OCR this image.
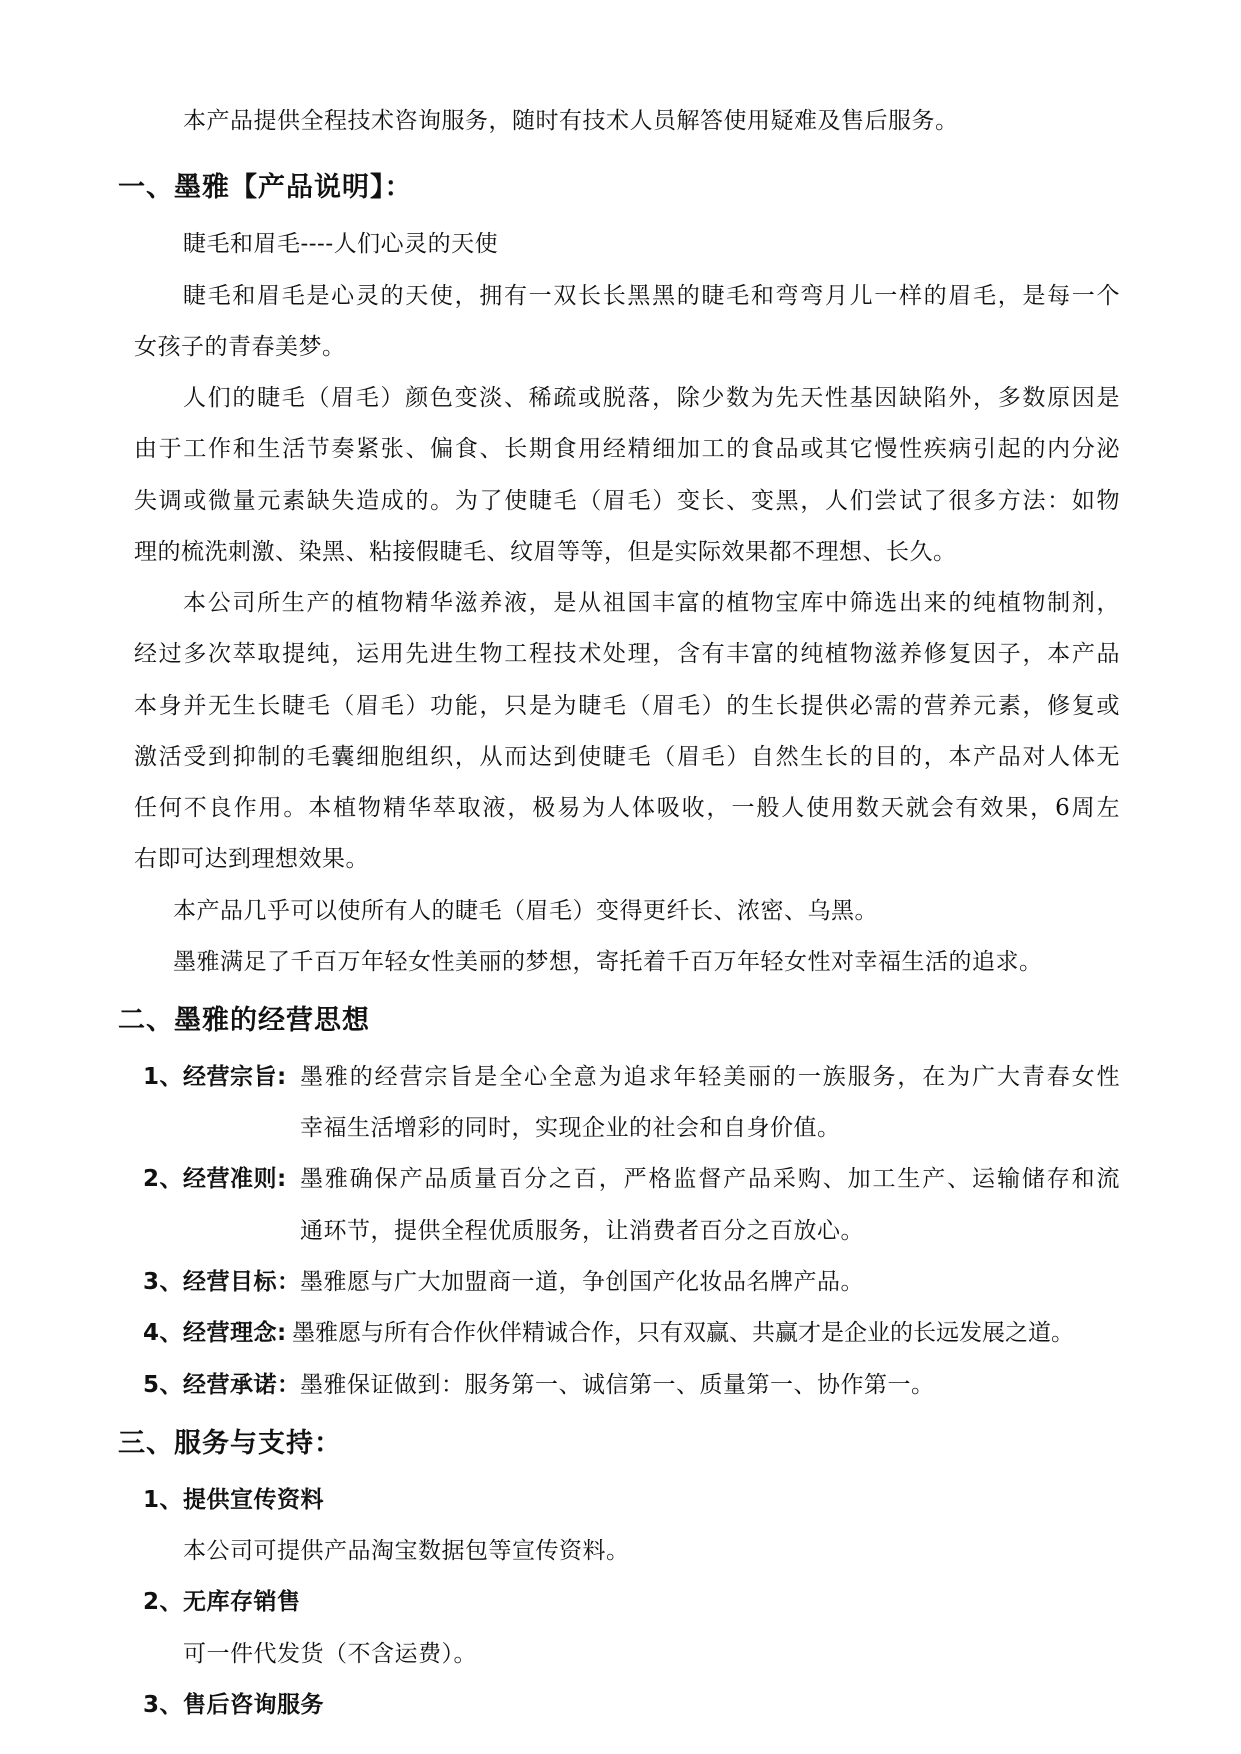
本产品提供全程技术咨询服务，随时有技术人员解答使用疑难及售后服务。
一、墨雅【产品说明】：
睫毛和眉毛----人们心灵的天使
睫毛和眉毛是心灵的天使，拥有一双长长黑黑的睫毛和弯弯月儿一样的眉毛，是每一个
女孩子的青春美梦。
人们的睫毛（眉毛）颜色变淡、稀疏或脱落，除少数为先天性基因缺陷外，多数原因是
由于工作和生活节奏紧张、偏食、长期食用经精细加工的食品或其它慢性疾病引起的内分泌
失调或微量元素缺失造成的。为了使睫毛（眉毛）变长、变黑，人们尝试了很多方法：如物
理的梳洗刺激、染黑、粘接假睫毛、纹眉等等，但是实际效果都不理想、长久。
本公司所生产的植物精华滋养液，是从祖国丰富的植物宝库中筛选出来的纯植物制剂，
经过多次萃取提纯，运用先进生物工程技术处理，含有丰富的纯植物滋养修复因子，本产品
本身并无生长睫毛（眉毛）功能，只是为睫毛（眉毛）的生长提供必需的营养元素，修复或
激活受到抑制的毛囊细胞组织，从而达到使睫毛（眉毛）自然生长的目的，本产品对人体无
任何不良作用。本植物精华萃取液，极易为人体吸收，一般人使用数天就会有效果，6周左
右即可达到理想效果。
本产品几乎可以使所有人的睫毛（眉毛）变得更纤长、浓密、乌黑。
墨雅满足了千百万年轻女性美丽的梦想，寄托着千百万年轻女性对幸福生活的追求。
二、墨雅的经营思想
1、经营宗旨: 墨雅的经营宗旨是全心全意为追求年轻美丽的一族服务，在为广大青春女性
幸福生活增彩的同时，实现企业的社会和自身价值。
2、经营准则: 墨雅确保产品质量百分之百，严格监督产品采购、加工生产、运输储存和流
通环节，提供全程优质服务，让消费者百分之百放心。
3、经营目标： 墨雅愿与广大加盟商一道，争创国产化妆品名牌产品。
4、经营理念: 墨雅愿与所有合作伙伴精诚合作，只有双赢、共赢才是企业的长远发展之道。
5、经营承诺： 墨雅保证做到：服务第一、诚信第一、质量第一、协作第一。
三、服务与支持：
1、提供宣传资料
本公司可提供产品淘宝数据包等宣传资料。
2、无库存销售
可一件代发货（不含运费）。
3、售后咨询服务
